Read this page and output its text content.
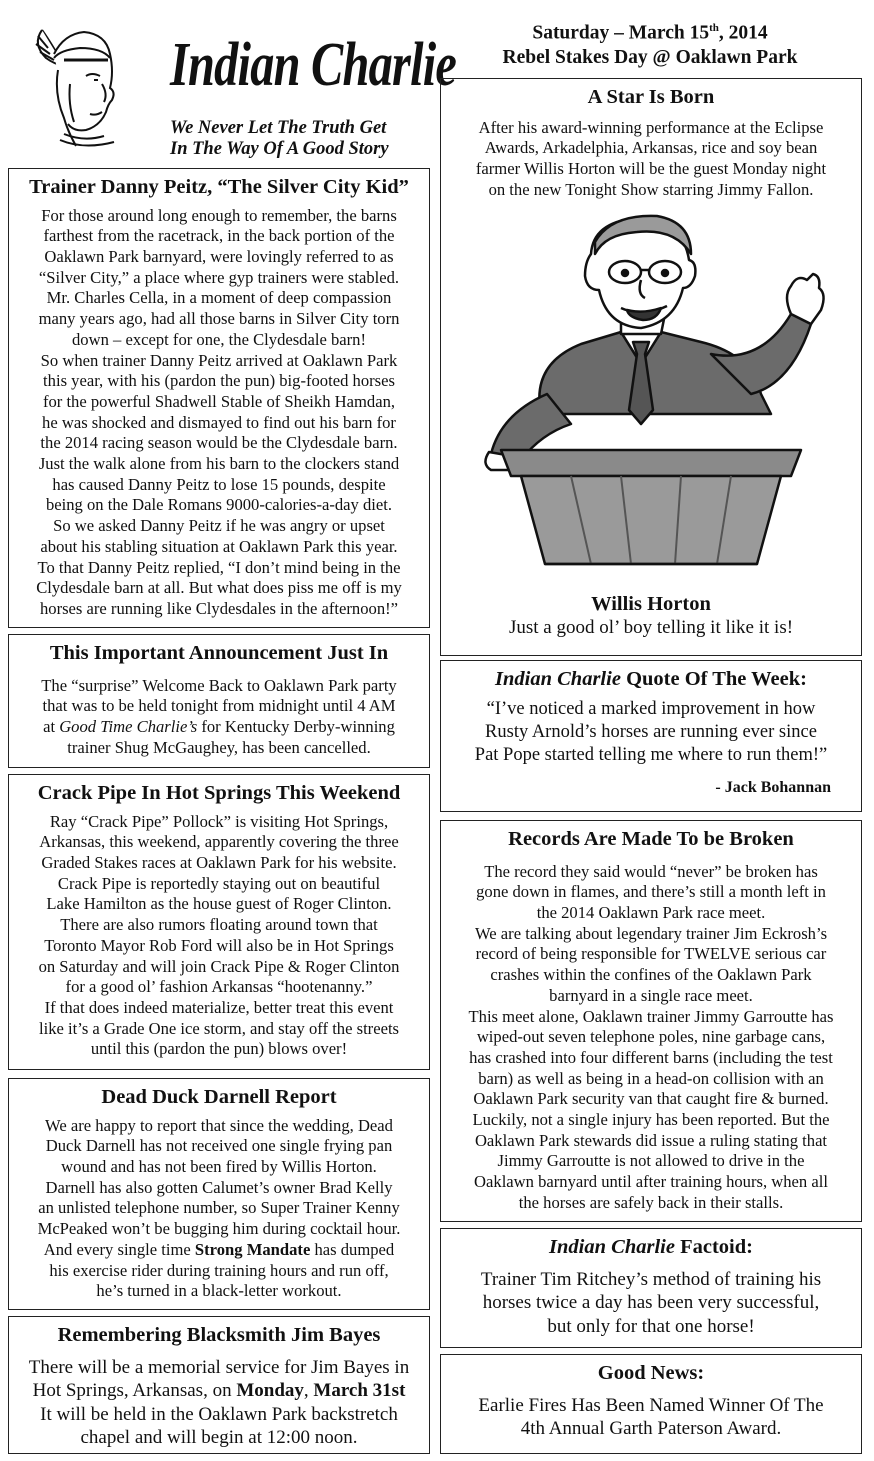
Indian Charlie
We Never Let The Truth Get
In The Way Of A Good Story
Saturday – March 15th, 2014
Rebel Stakes Day @ Oaklawn Park
Trainer Danny Peitz, “The Silver City Kid”

For those around long enough to remember, the barns

farthest from the racetrack, in the back portion of the

Oaklawn Park barnyard, were lovingly referred to as

“Silver City,” a place where gyp trainers were stabled.

Mr. Charles Cella, in a moment of deep compassion

many years ago, had all those barns in Silver City torn

down – except for one, the Clydesdale barn!

So when trainer Danny Peitz arrived at Oaklawn Park

this year, with his (pardon the pun) big-footed horses

for the powerful Shadwell Stable of Sheikh Hamdan,

he was shocked and dismayed to find out his barn for

the 2014 racing season would be the Clydesdale barn.

Just the walk alone from his barn to the clockers stand

has caused Danny Peitz to lose 15 pounds, despite

being on the Dale Romans 9000-calories-a-day diet.

So we asked Danny Peitz if he was angry or upset

about his stabling situation at Oaklawn Park this year.

To that Danny Peitz replied, “I don’t mind being in the

Clydesdale barn at all. But what does piss me off is my

horses are running like Clydesdales in the afternoon!”

This Important Announcement Just In

The “surprise” Welcome Back to Oaklawn Park party

that was to be held tonight from midnight until 4 AM

at Good Time Charlie’s for Kentucky Derby-winning

trainer Shug McGaughey, has been cancelled.

Crack Pipe In Hot Springs This Weekend

Ray “Crack Pipe” Pollock” is visiting Hot Springs,

Arkansas, this weekend, apparently covering the three

Graded Stakes races at Oaklawn Park for his website.

Crack Pipe is reportedly staying out on beautiful

Lake Hamilton as the house guest of Roger Clinton.

There are also rumors floating around town that

Toronto Mayor Rob Ford will also be in Hot Springs

on Saturday and will join Crack Pipe & Roger Clinton

for a good ol’ fashion Arkansas “hootenanny.”

If that does indeed materialize, better treat this event

like it’s a Grade One ice storm, and stay off the streets

until this (pardon the pun) blows over!

Dead Duck Darnell Report

We are happy to report that since the wedding, Dead

Duck Darnell has not received one single frying pan

wound and has not been fired by Willis Horton.

Darnell has also gotten Calumet’s owner Brad Kelly

an unlisted telephone number, so Super Trainer Kenny

McPeaked won’t be bugging him during cocktail hour.

And every single time Strong Mandate has dumped

his exercise rider during training hours and run off,

he’s turned in a black-letter workout.

Remembering Blacksmith Jim Bayes

There will be a memorial service for Jim Bayes in

Hot Springs, Arkansas, on Monday, March 31st

It will be held in the Oaklawn Park backstretch

chapel and will begin at 12:00 noon.

A Star Is Born

After his award-winning performance at the Eclipse

Awards, Arkadelphia, Arkansas, rice and soy bean

farmer Willis Horton will be the guest Monday night

on the new Tonight Show starring Jimmy Fallon.

Willis Horton
Just a good ol’ boy telling it like it is!
Indian Charlie Quote Of The Week:

“I’ve noticed a marked improvement in how

Rusty Arnold’s horses are running ever since

Pat Pope started telling me where to run them!”

- Jack Bohannan
Records Are Made To be Broken

The record they said would “never” be broken has

gone down in flames, and there’s still a month left in

the 2014 Oaklawn Park race meet.

We are talking about legendary trainer Jim Eckrosh’s

record of being responsible for TWELVE serious car

crashes within the confines of the Oaklawn Park

barnyard in a single race meet.

This meet alone, Oaklawn trainer Jimmy Garroutte has

wiped-out seven telephone poles, nine garbage cans,

has crashed into four different barns (including the test

barn) as well as being in a head-on collision with an

Oaklawn Park security van that caught fire & burned.

Luckily, not a single injury has been reported. But the

Oaklawn Park stewards did issue a ruling stating that

Jimmy Garroutte is not allowed to drive in the

Oaklawn barnyard until after training hours, when all

the horses are safely back in their stalls.

Indian Charlie Factoid:

Trainer Tim Ritchey’s method of training his

horses twice a day has been very successful,

but only for that one horse!

Good News:

Earlie Fires Has Been Named Winner Of The

4th Annual Garth Paterson Award.
